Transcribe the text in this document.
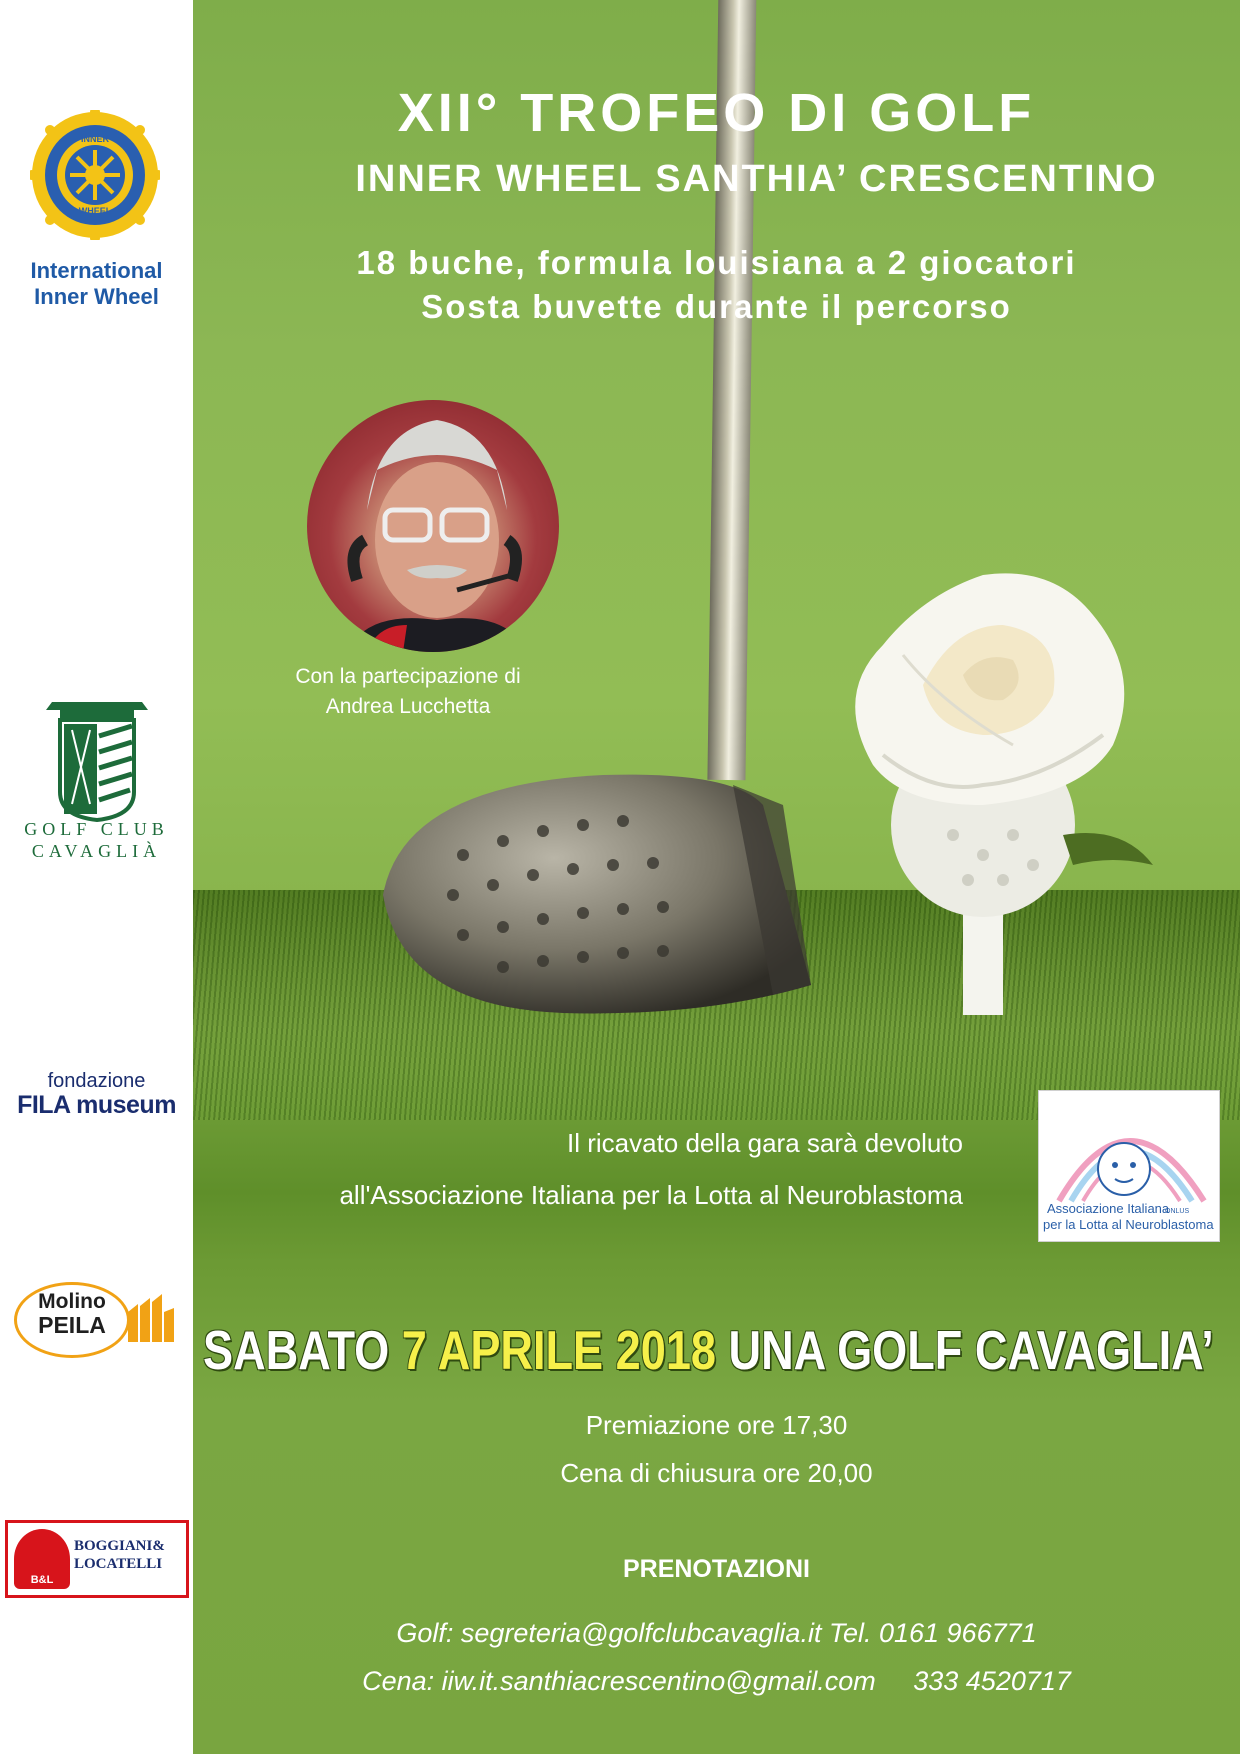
INNER
WHEEL
International
Inner Wheel
GOLF CLUB
CAVAGLIÀ
fondazione
FILA museum
Molino
PEILA
B&L
BOGGIANI&
LOCATELLI
XII° TROFEO DI GOLF
INNER WHEEL SANTHIA’ CRESCENTINO
18 buche, formula louisiana a 2 giocatori
Sosta buvette durante il percorso
Con la partecipazione di
Andrea Lucchetta
Il ricavato della gara sarà devoluto
all'Associazione Italiana per la Lotta al Neuroblastoma	Associazione Italiana
ONLUS
per la Lotta al Neuroblastoma
SABATO 7 APRILE 2018 UNA GOLF CAVAGLIA’
Premiazione ore 17,30
Cena di chiusura ore 20,00
PRENOTAZIONI
Golf: segreteria@golfclubcavaglia.it Tel. 0161 966771
Cena: iiw.it.santhiacrescentino@gmail.com     333 4520717
